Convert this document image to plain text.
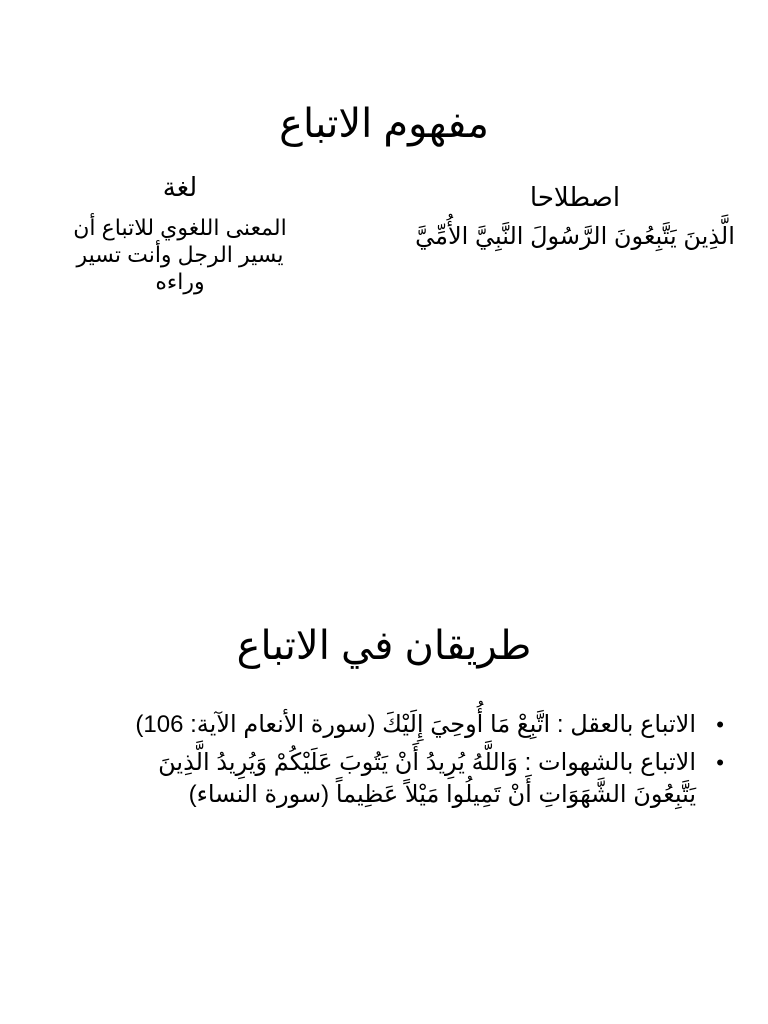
مفهوم الاتباع
اصطلاحا

الَّذِينَ يَتَّبِعُونَ الرَّسُولَ النَّبِيَّ الأُمِّيَّ

لغة

المعنى اللغوي للاتباع أن يسير الرجل وأنت تسير وراءه

طريقان في الاتباع
•
الاتباع بالعقل : اتَّبِعْ مَا أُوحِيَ إِلَيْكَ (سورة الأنعام الآية: 106)
•
الاتباع بالشهوات : وَاللَّهُ يُرِيدُ أَنْ يَتُوبَ عَلَيْكُمْ وَيُرِيدُ الَّذِينَ يَتَّبِعُونَ الشَّهَوَاتِ أَنْ تَمِيلُوا مَيْلاً عَظِيماً (سورة النساء)
